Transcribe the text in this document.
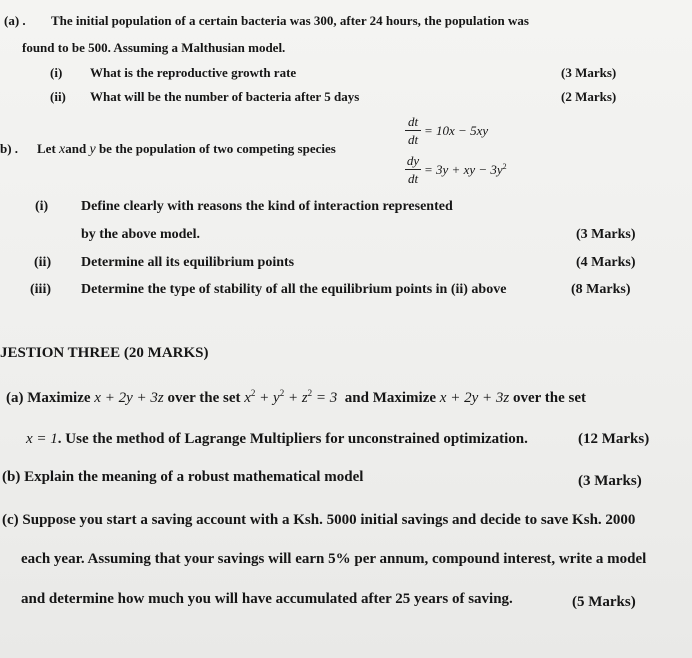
(a) . The initial population of a certain bacteria was 300, after 24 hours, the population was
found to be 500. Assuming a Malthusian model.
(i) What is the reproductive growth rate	(3 Marks)
(ii) What will be the number of bacteria after 5 days	(2 Marks)
b) . Let xand y be the population of two competing species
dt
dt
= 10x − 5xy
dy
dt
= 3y + xy − $3y^2$
(i) Define clearly with reasons the kind of interaction represented
by the above model.	(3 Marks)
(ii) Determine all its equilibrium points	(4 Marks)
(iii) Determine the type of stability of all the equilibrium points in (ii) above	(8 Marks)
JESTION THREE (20 MARKS)
(a) Maximize x + 2y + 3z over the set $x^2 + y^2 + z^2 = 3$ and Maximize x + 2y + 3z over the set
x = 1. Use the method of Lagrange Multipliers for unconstrained optimization.	(12 Marks)
(b) Explain the meaning of a robust mathematical model	(3 Marks)
(c) Suppose you start a saving account with a Ksh. 5000 initial savings and decide to save Ksh. 2000
each year. Assuming that your savings will earn 5% per annum, compound interest, write a model
and determine how much you will have accumulated after 25 years of saving.	(5 Marks)
